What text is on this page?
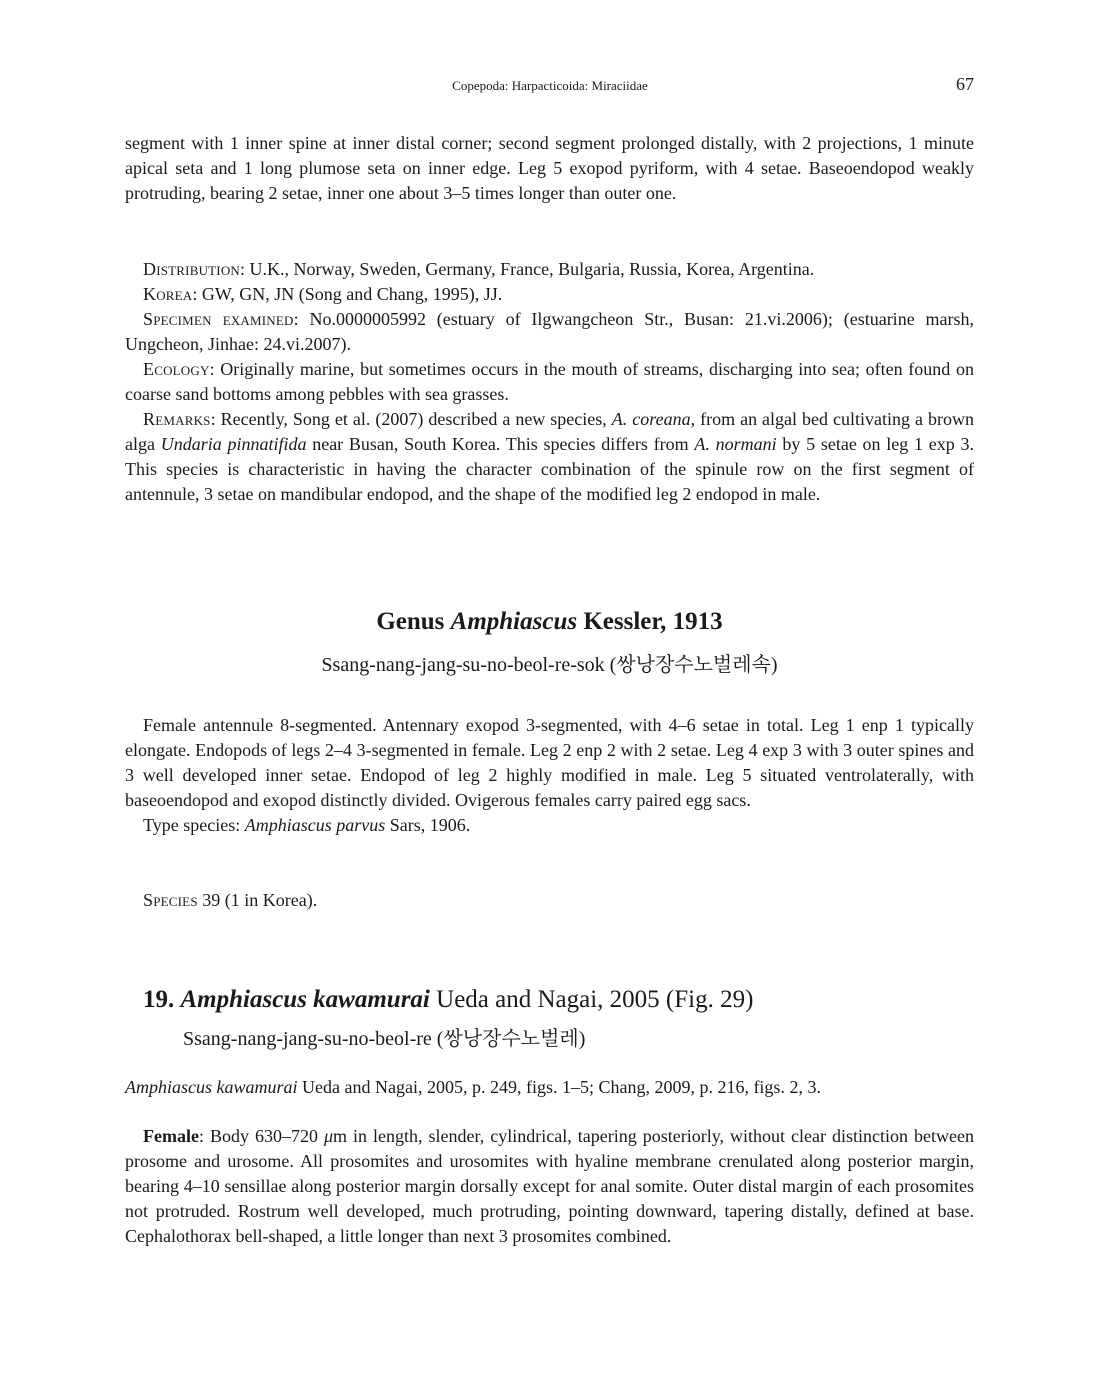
Copepoda: Harpacticoida: Miraciidae	67

segment with 1 inner spine at inner distal corner; second segment prolonged distally, with 2 projections, 1 minute apical seta and 1 long plumose seta on inner edge. Leg 5 exopod pyriform, with 4 setae. Baseoendopod weakly protruding, bearing 2 setae, inner one about 3–5 times longer than outer one.

Distribution: U.K., Norway, Sweden, Germany, France, Bulgaria, Russia, Korea, Argentina.

Korea: GW, GN, JN (Song and Chang, 1995), JJ.

Specimen examined: No.0000005992 (estuary of Ilgwangcheon Str., Busan: 21.vi.2006); (estuarine marsh, Ungcheon, Jinhae: 24.vi.2007).

Ecology: Originally marine, but sometimes occurs in the mouth of streams, discharging into sea; often found on coarse sand bottoms among pebbles with sea grasses.

Remarks: Recently, Song et al. (2007) described a new species, A. coreana, from an algal bed cultivating a brown alga Undaria pinnatifida near Busan, South Korea. This species differs from A. normani by 5 setae on leg 1 exp 3. This species is characteristic in having the character combination of the spinule row on the first segment of antennule, 3 setae on mandibular endopod, and the shape of the modified leg 2 endopod in male.

Genus Amphiascus Kessler, 1913
Ssang-nang-jang-su-no-beol-re-sok (쌍낭장수노벌레속)

Female antennule 8-segmented. Antennary exopod 3-segmented, with 4–6 setae in total. Leg 1 enp 1 typically elongate. Endopods of legs 2–4 3-segmented in female. Leg 2 enp 2 with 2 setae. Leg 4 exp 3 with 3 outer spines and 3 well developed inner setae. Endopod of leg 2 highly modified in male. Leg 5 situated ventrolaterally, with baseoendopod and exopod distinctly divided. Ovigerous females carry paired egg sacs.

Type species: Amphiascus parvus Sars, 1906.

Species 39 (1 in Korea).

19. Amphiascus kawamurai Ueda and Nagai, 2005 (Fig. 29)
Ssang-nang-jang-su-no-beol-re (쌍낭장수노벌레)

Amphiascus kawamurai Ueda and Nagai, 2005, p. 249, figs. 1–5; Chang, 2009, p. 216, figs. 2, 3.

Female: Body 630–720 μm in length, slender, cylindrical, tapering posteriorly, without clear distinction between prosome and urosome. All prosomites and urosomites with hyaline membrane crenulated along posterior margin, bearing 4–10 sensillae along posterior margin dorsally except for anal somite. Outer distal margin of each prosomites not protruded. Rostrum well developed, much protruding, pointing downward, tapering distally, defined at base. Cephalothorax bell-shaped, a little longer than next 3 prosomites combined.
